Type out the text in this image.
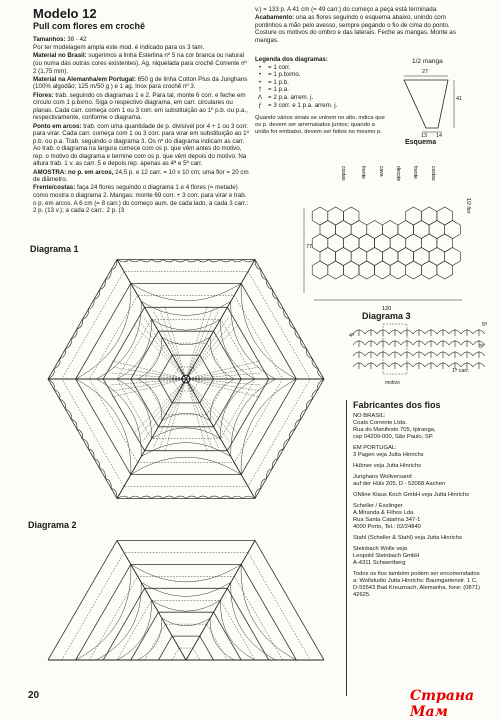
Modelo 12
Pull com flores em crochê

Tamanhos: 38 - 42

Por ter modelagem ampla este mod. é indicado para os 3 tam.

Material no Brasil: sugerimos a linha Esterlina nº 5 na cor branca ou natural (ou numa das outras cores existentes). Ag. niquelada para crochê Corrente nº 2 (1,75 mm).

Material na Alemanha/em Portugal: 650 g de linha Cotton Plus da Junghans (100% algodão; 125 m/50 g ) e 1 ag. Inox para crochê nº 3.

Flores: trab. seguindo os diagramas 1 e 2. Para tal, monte 6 corr. e feche em círculo com 1 p.bxmo. Siga o respectivo diagrama, em carr. circulares ou planas. Cada carr. começa com 1 ou 3 corr. em substituição ao 1º p.b. ou p.a., respectivamente, conforme o diagrama.

Ponto em arcos: trab. com uma quantidade de p. divisível por 4 + 1 ou 3 corr. para virar. Cada carr. começa com 1 ou 3 corr. para virar em substituição ao 1º p.b. ou p.a. Trab. seguindo o diagrama 3. Os nº do diagrama indicam as carr. Ao trab. o diagrama na largura comece com os p. que vêm antes do motivo, rep. o motivo do diagrama e termine com os p. que vêm depois do motivo. Na altura trab. 1 v. as carr. 5 e depois rep. apenas as 4ª e 5ª carr.

AMOSTRA: no p. em arcos, 24,5 p. e 12 carr. = 10 x 10 cm; uma flor = 20 cm de diâmetro.

Frente/costas: faça 24 flores seguindo o diagrama 1 e 4 flores (= metade) como mostra o diagrama 2. Mangas: monte 69 corr. + 3 corr. para virar e trab. o p. em arcos. A 6 cm (= 8 carr.) do começo aum. de cada lado, a cada 3 carr.: 2 p. (13 v.); a cada 2 carr.: 2 p. (3

v.) = 133 p. A 41 cm (= 49 carr.) do começo a peça está terminada.

Acabamento: una as flores seguindo o esquema abaixo, unindo com pontinhos a mão pelo avesso, sempre pegando o fio de cima do ponto. Costure os motivos do ombro e das laterais. Feche as mangas. Monte as mangas.

Legenda dos diagramas:
•	= 1 corr.
•	= 1 p.bxmo.
+ = 1 p.b.
†	= 1 p.a.
Λ = 2 p.a. arrem. j.
ƒ	= 3 corr. e 1 p.a. arrem. j.
Quando vários sinais se unirem no alto, indica que os p. devem ser arrematados juntos; quando a união for embaixo, devem ser feitos no mesmo p.
1/2 manga
27
41
13 14
Esquema
costas	frente cava decote frente costas
1/2 flor
77
120
Diagrama 1
Diagrama 2
Diagrama 3
5ª
4ª
3ª
1ª carr.
motivo
Fabricantes dos fios
NO BRASIL:
Coats Corrente Ltda.
Rua do Manifesto 705, Ipiranga,
cep 04209-000, São Paulo, SP.
EM PORTUGAL:
3 Pagen veja Jutta Hinrichs
Hübner veja Jutta Hinrichs
Junghans Wollversand
auf der Hüls 205, D - 52068 Aachen
ONline Klaus Koch GmbH veja Jutta Hinrichs
Scheller / Esslinger
A.Miranda & Filhos Lda.
Rua Santa Catarina 347-1
4000 Porto, Tel.: 02/24840
Stahl (Scheller & Stahl) veja Jutta Hinrichs
Steinbach Wolle veja
Leopold Steinbach GmbH
A-4311 Schwertberg
Todos os fios também podem ser encomendados a: Wollstudio Jutta Hinrichs: Baumgartenstr. 1 C, D-55543 Bad Kreuznach, Alemanha, fone: (0871) 42625.
20	Страна Мам
